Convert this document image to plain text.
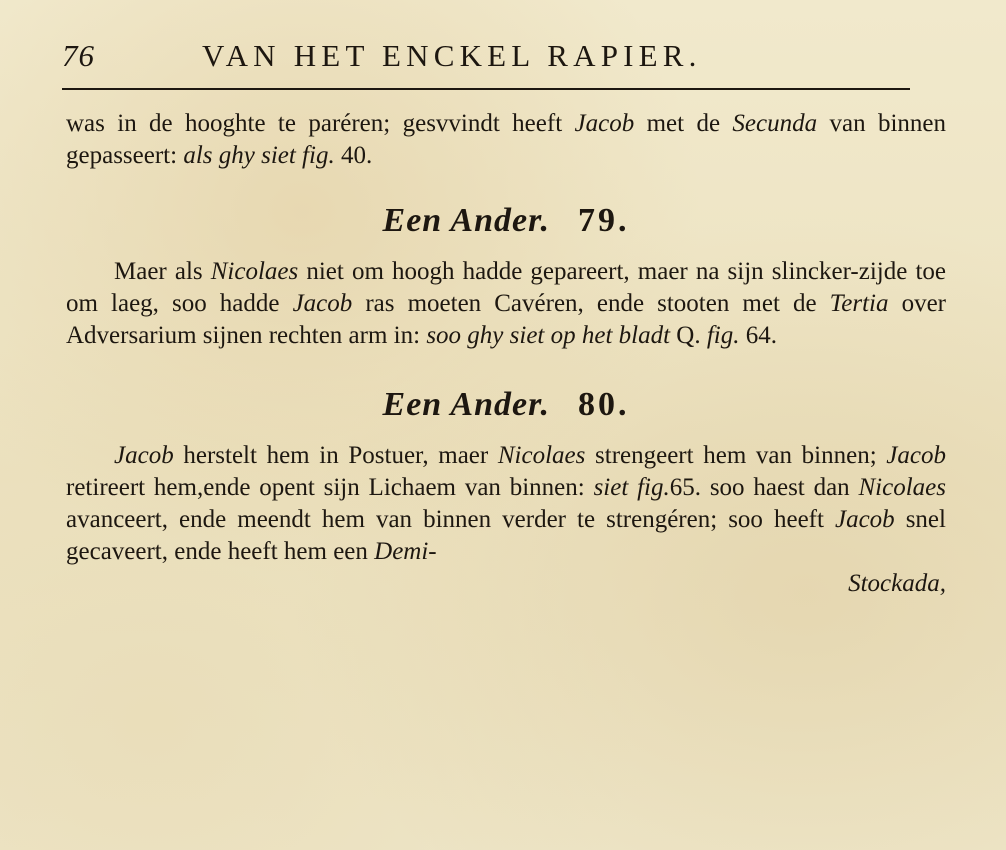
76	VAN HET ENCKEL RAPIER.

was in de hooghte te paréren; gesvvindt heeft Jacob met de Secunda van binnen gepasseert: als ghy siet fig. 40.

Een Ander. 79.

Maer als Nicolaes niet om hoogh hadde gepareert, maer na sijn slincker-zijde toe om laeg, soo hadde Jacob ras moeten Cavéren, ende stooten met de Tertia over Adversarium sijnen rechten arm in: soo ghy siet op het bladt Q. fig. 64.

Een Ander. 80.

Jacob herstelt hem in Postuer, maer Nicolaes strengeert hem van binnen; Jacob retireert hem,ende opent sijn Lichaem van binnen: siet fig.65. soo haest dan Nicolaes avanceert, ende meendt hem van binnen verder te strengéren; soo heeft Jacob snel gecaveert, ende heeft hem een Demi-

Stockada,
